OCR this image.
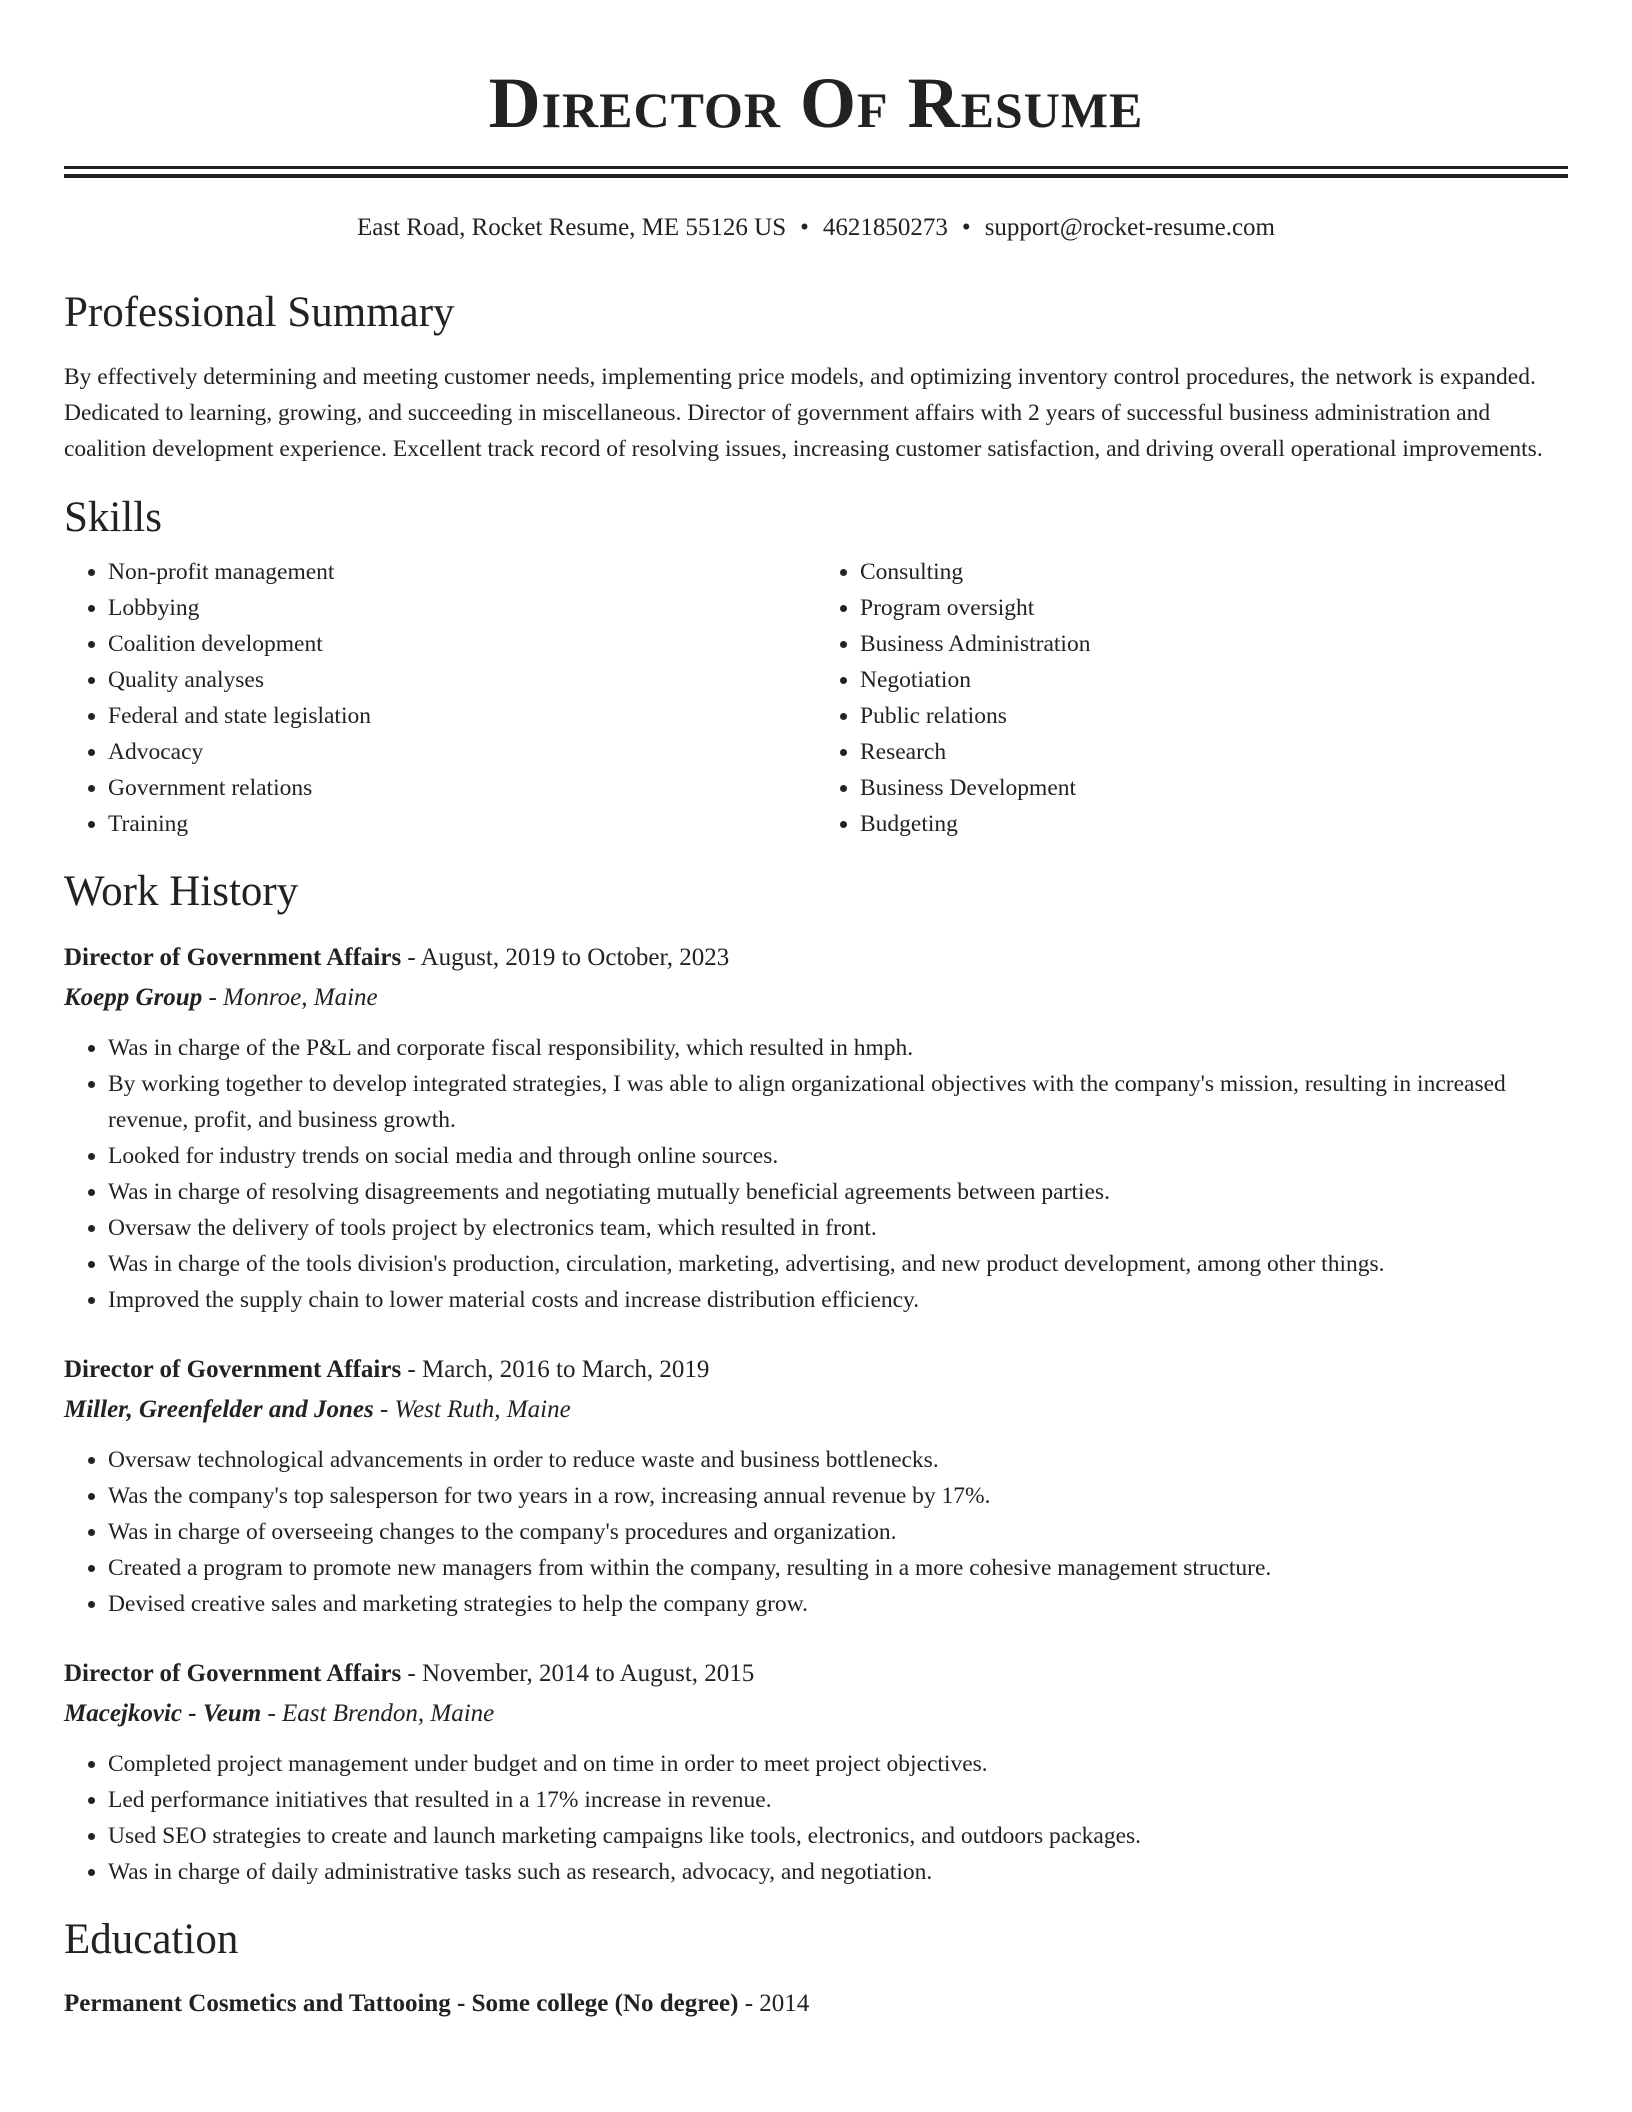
Director Of Resume
East Road, Rocket Resume, ME 55126 US • 4621850273 • support@rocket-resume.com
Professional Summary

By effectively determining and meeting customer needs, implementing price models, and optimizing inventory control procedures, the network is expanded. Dedicated to learning, growing, and succeeding in miscellaneous. Director of government affairs with 2 years of successful business administration and coalition development experience. Excellent track record of resolving issues, increasing customer satisfaction, and driving overall operational improvements.

Skills
• Non-profit management
• Lobbying
• Coalition development
• Quality analyses
• Federal and state legislation
• Advocacy
• Government relations
• Training
• Consulting
• Program oversight
• Business Administration
• Negotiation
• Public relations
• Research
• Business Development
• Budgeting
Work History
Director of Government Affairs - August, 2019 to October, 2023
Koepp Group - Monroe, Maine
• Was in charge of the P&L and corporate fiscal responsibility, which resulted in hmph.
• By working together to develop integrated strategies, I was able to align organizational objectives with the company's mission, resulting in increased revenue, profit, and business growth.
• Looked for industry trends on social media and through online sources.
• Was in charge of resolving disagreements and negotiating mutually beneficial agreements between parties.
• Oversaw the delivery of tools project by electronics team, which resulted in front.
• Was in charge of the tools division's production, circulation, marketing, advertising, and new product development, among other things.
• Improved the supply chain to lower material costs and increase distribution efficiency.
Director of Government Affairs - March, 2016 to March, 2019
Miller, Greenfelder and Jones - West Ruth, Maine
• Oversaw technological advancements in order to reduce waste and business bottlenecks.
• Was the company's top salesperson for two years in a row, increasing annual revenue by 17%.
• Was in charge of overseeing changes to the company's procedures and organization.
• Created a program to promote new managers from within the company, resulting in a more cohesive management structure.
• Devised creative sales and marketing strategies to help the company grow.
Director of Government Affairs - November, 2014 to August, 2015
Macejkovic - Veum - East Brendon, Maine
• Completed project management under budget and on time in order to meet project objectives.
• Led performance initiatives that resulted in a 17% increase in revenue.
• Used SEO strategies to create and launch marketing campaigns like tools, electronics, and outdoors packages.
• Was in charge of daily administrative tasks such as research, advocacy, and negotiation.
Education
Permanent Cosmetics and Tattooing - Some college (No degree) - 2014
